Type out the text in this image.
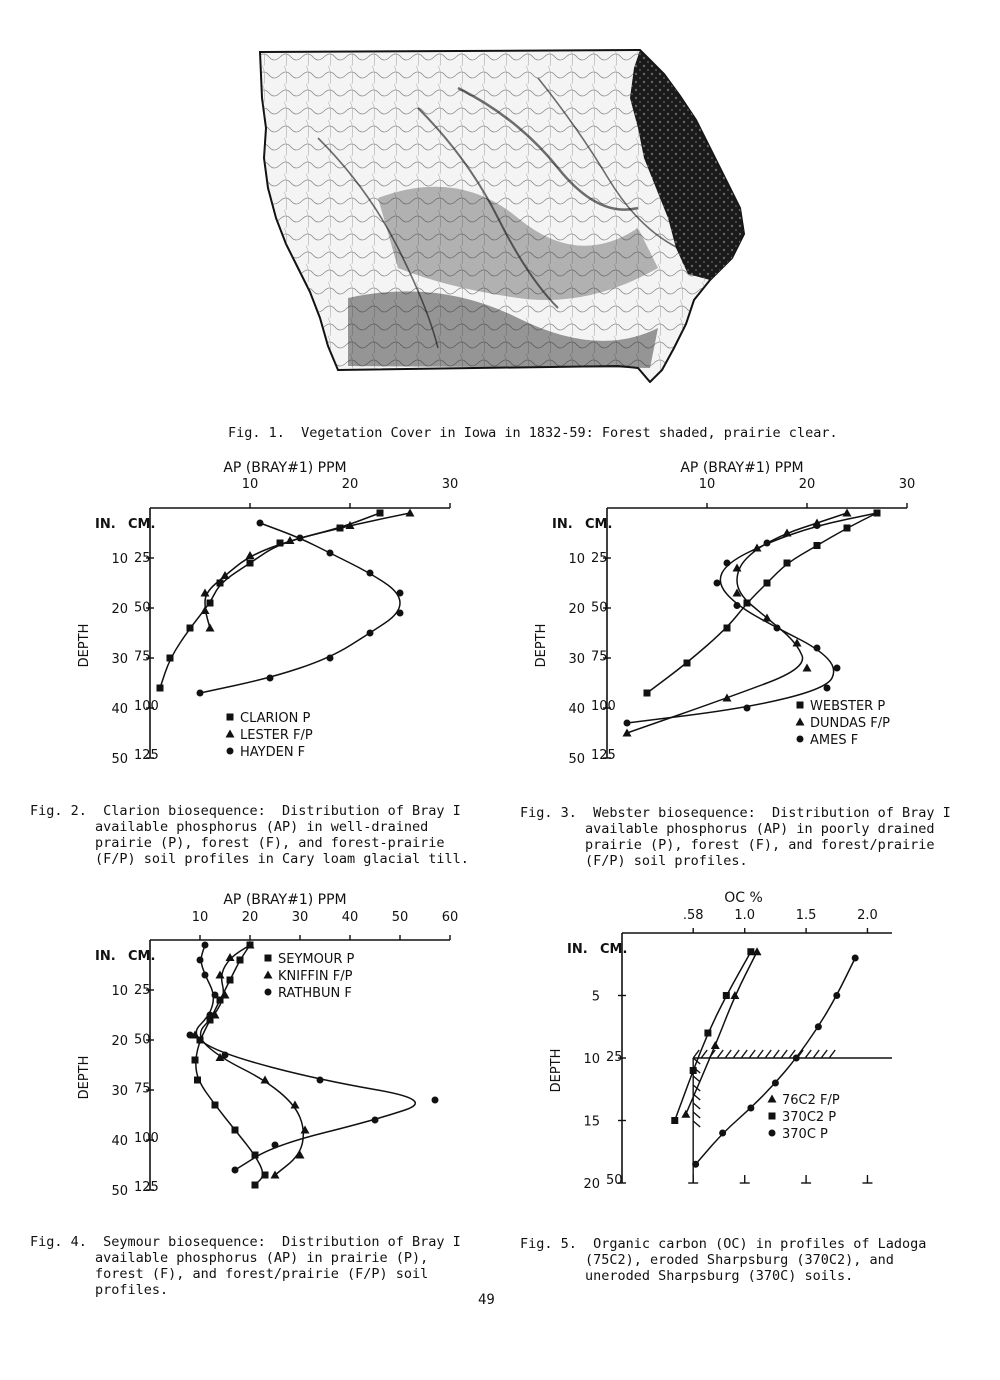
Fig. 1.  Vegetation Cover in Iowa in 1832-59: Forest shaded, prairie clear.
AP (BRAY#1) PPM
10	20	30
10
20
30
40
50
25
50
75
100
125
IN. CM.
DEPTH
CLARION P
LESTER F/P
HAYDEN F
Fig. 2.  Clarion biosequence:  Distribution of Bray I
available phosphorus (AP) in well-drained
prairie (P), forest (F), and forest-prairie
(F/P) soil profiles in Cary loam glacial till.
AP (BRAY#1) PPM
10	20	30
10
20
30
40
50
25
50
75
100
125
IN. CM.
DEPTH
WEBSTER P
DUNDAS F/P
AMES F
Fig. 3.  Webster biosequence:  Distribution of Bray I
available phosphorus (AP) in poorly drained
prairie (P), forest (F), and forest/prairie
(F/P) soil profiles.
AP (BRAY#1) PPM
10	20	30	40	50	60
10
20
30
40
50
25
50
75
100
125
IN. CM.
DEPTH
SEYMOUR P
KNIFFIN F/P
RATHBUN F
Fig. 4.  Seymour biosequence:  Distribution of Bray I
available phosphorus (AP) in prairie (P),
forest (F), and forest/prairie (F/P) soil
profiles.
OC %
.58 1.0	1.5	2.0
5
10
15
20
25
50
IN. CM.
DEPTH
76C2 F/P
370C2 P
370C P
Fig. 5.  Organic carbon (OC) in profiles of Ladoga
(75C2), eroded Sharpsburg (370C2), and
uneroded Sharpsburg (370C) soils.
49
